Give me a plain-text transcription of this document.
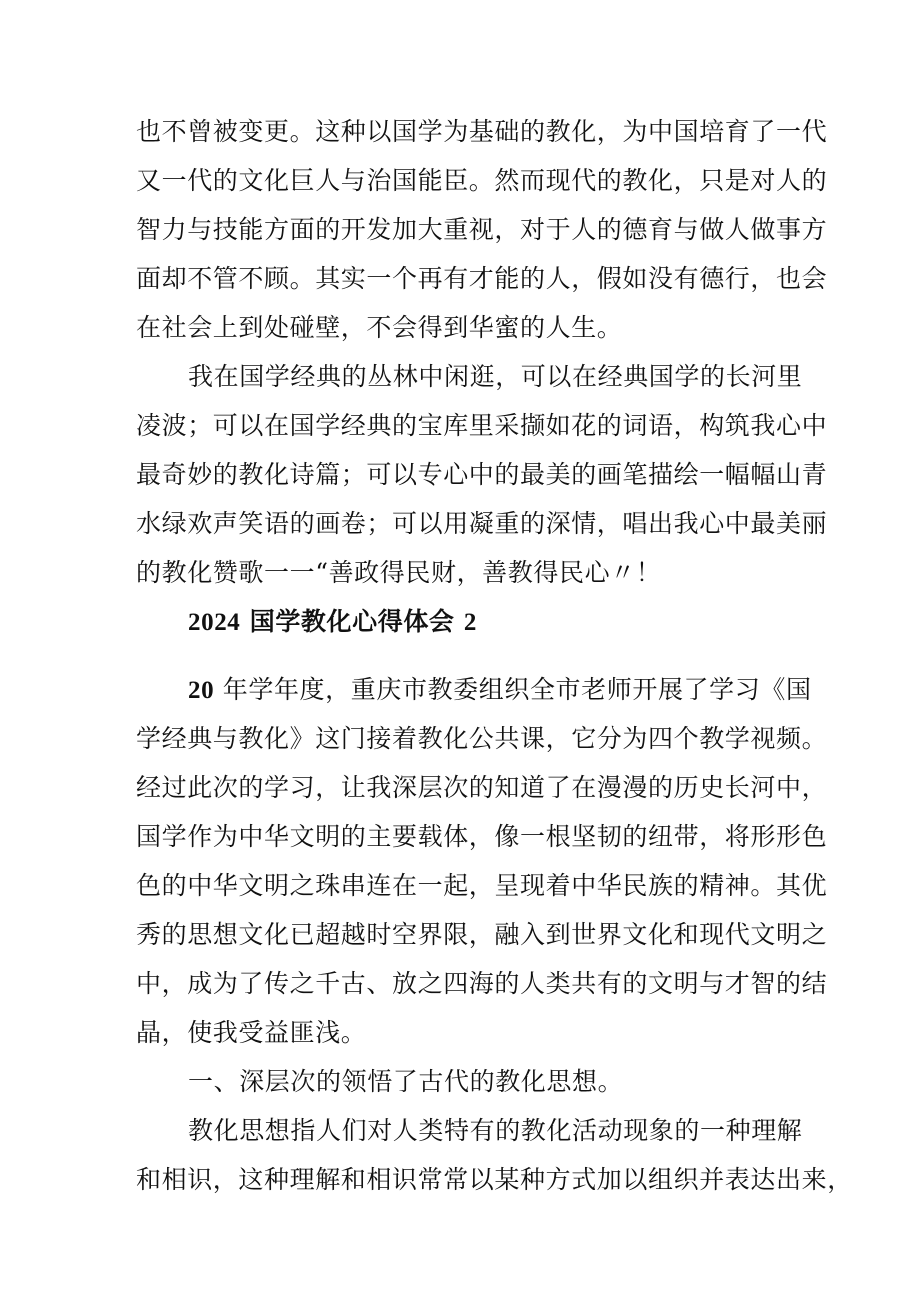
也不曾被变更。这种以国学为基础的教化，为中国培育了一代
又一代的文化巨人与治国能臣。然而现代的教化，只是对人的
智力与技能方面的开发加大重视，对于人的德育与做人做事方
面却不管不顾。其实一个再有才能的人，假如没有德行，也会
在社会上到处碰壁，不会得到华蜜的人生。
我在国学经典的丛林中闲逛，可以在经典国学的长河里
凌波；可以在国学经典的宝库里采撷如花的词语，构筑我心中
最奇妙的教化诗篇；可以专心中的最美的画笔描绘一幅幅山青
水绿欢声笑语的画卷；可以用凝重的深情，唱出我心中最美丽
的教化赞歌一一“善政得民财，善教得民心〃！
2024 国学教化心得体会 2
20 年学年度，重庆市教委组织全市老师开展了学习《国
学经典与教化》这门接着教化公共课，它分为四个教学视频。
经过此次的学习，让我深层次的知道了在漫漫的历史长河中，
国学作为中华文明的主要载体，像一根坚韧的纽带，将形形色
色的中华文明之珠串连在一起，呈现着中华民族的精神。其优
秀的思想文化已超越时空界限，融入到世界文化和现代文明之
中，成为了传之千古、放之四海的人类共有的文明与才智的结
晶，使我受益匪浅。
一、深层次的领悟了古代的教化思想。
教化思想指人们对人类特有的教化活动现象的一种理解
和相识，这种理解和相识常常以某种方式加以组织并表达出来，
